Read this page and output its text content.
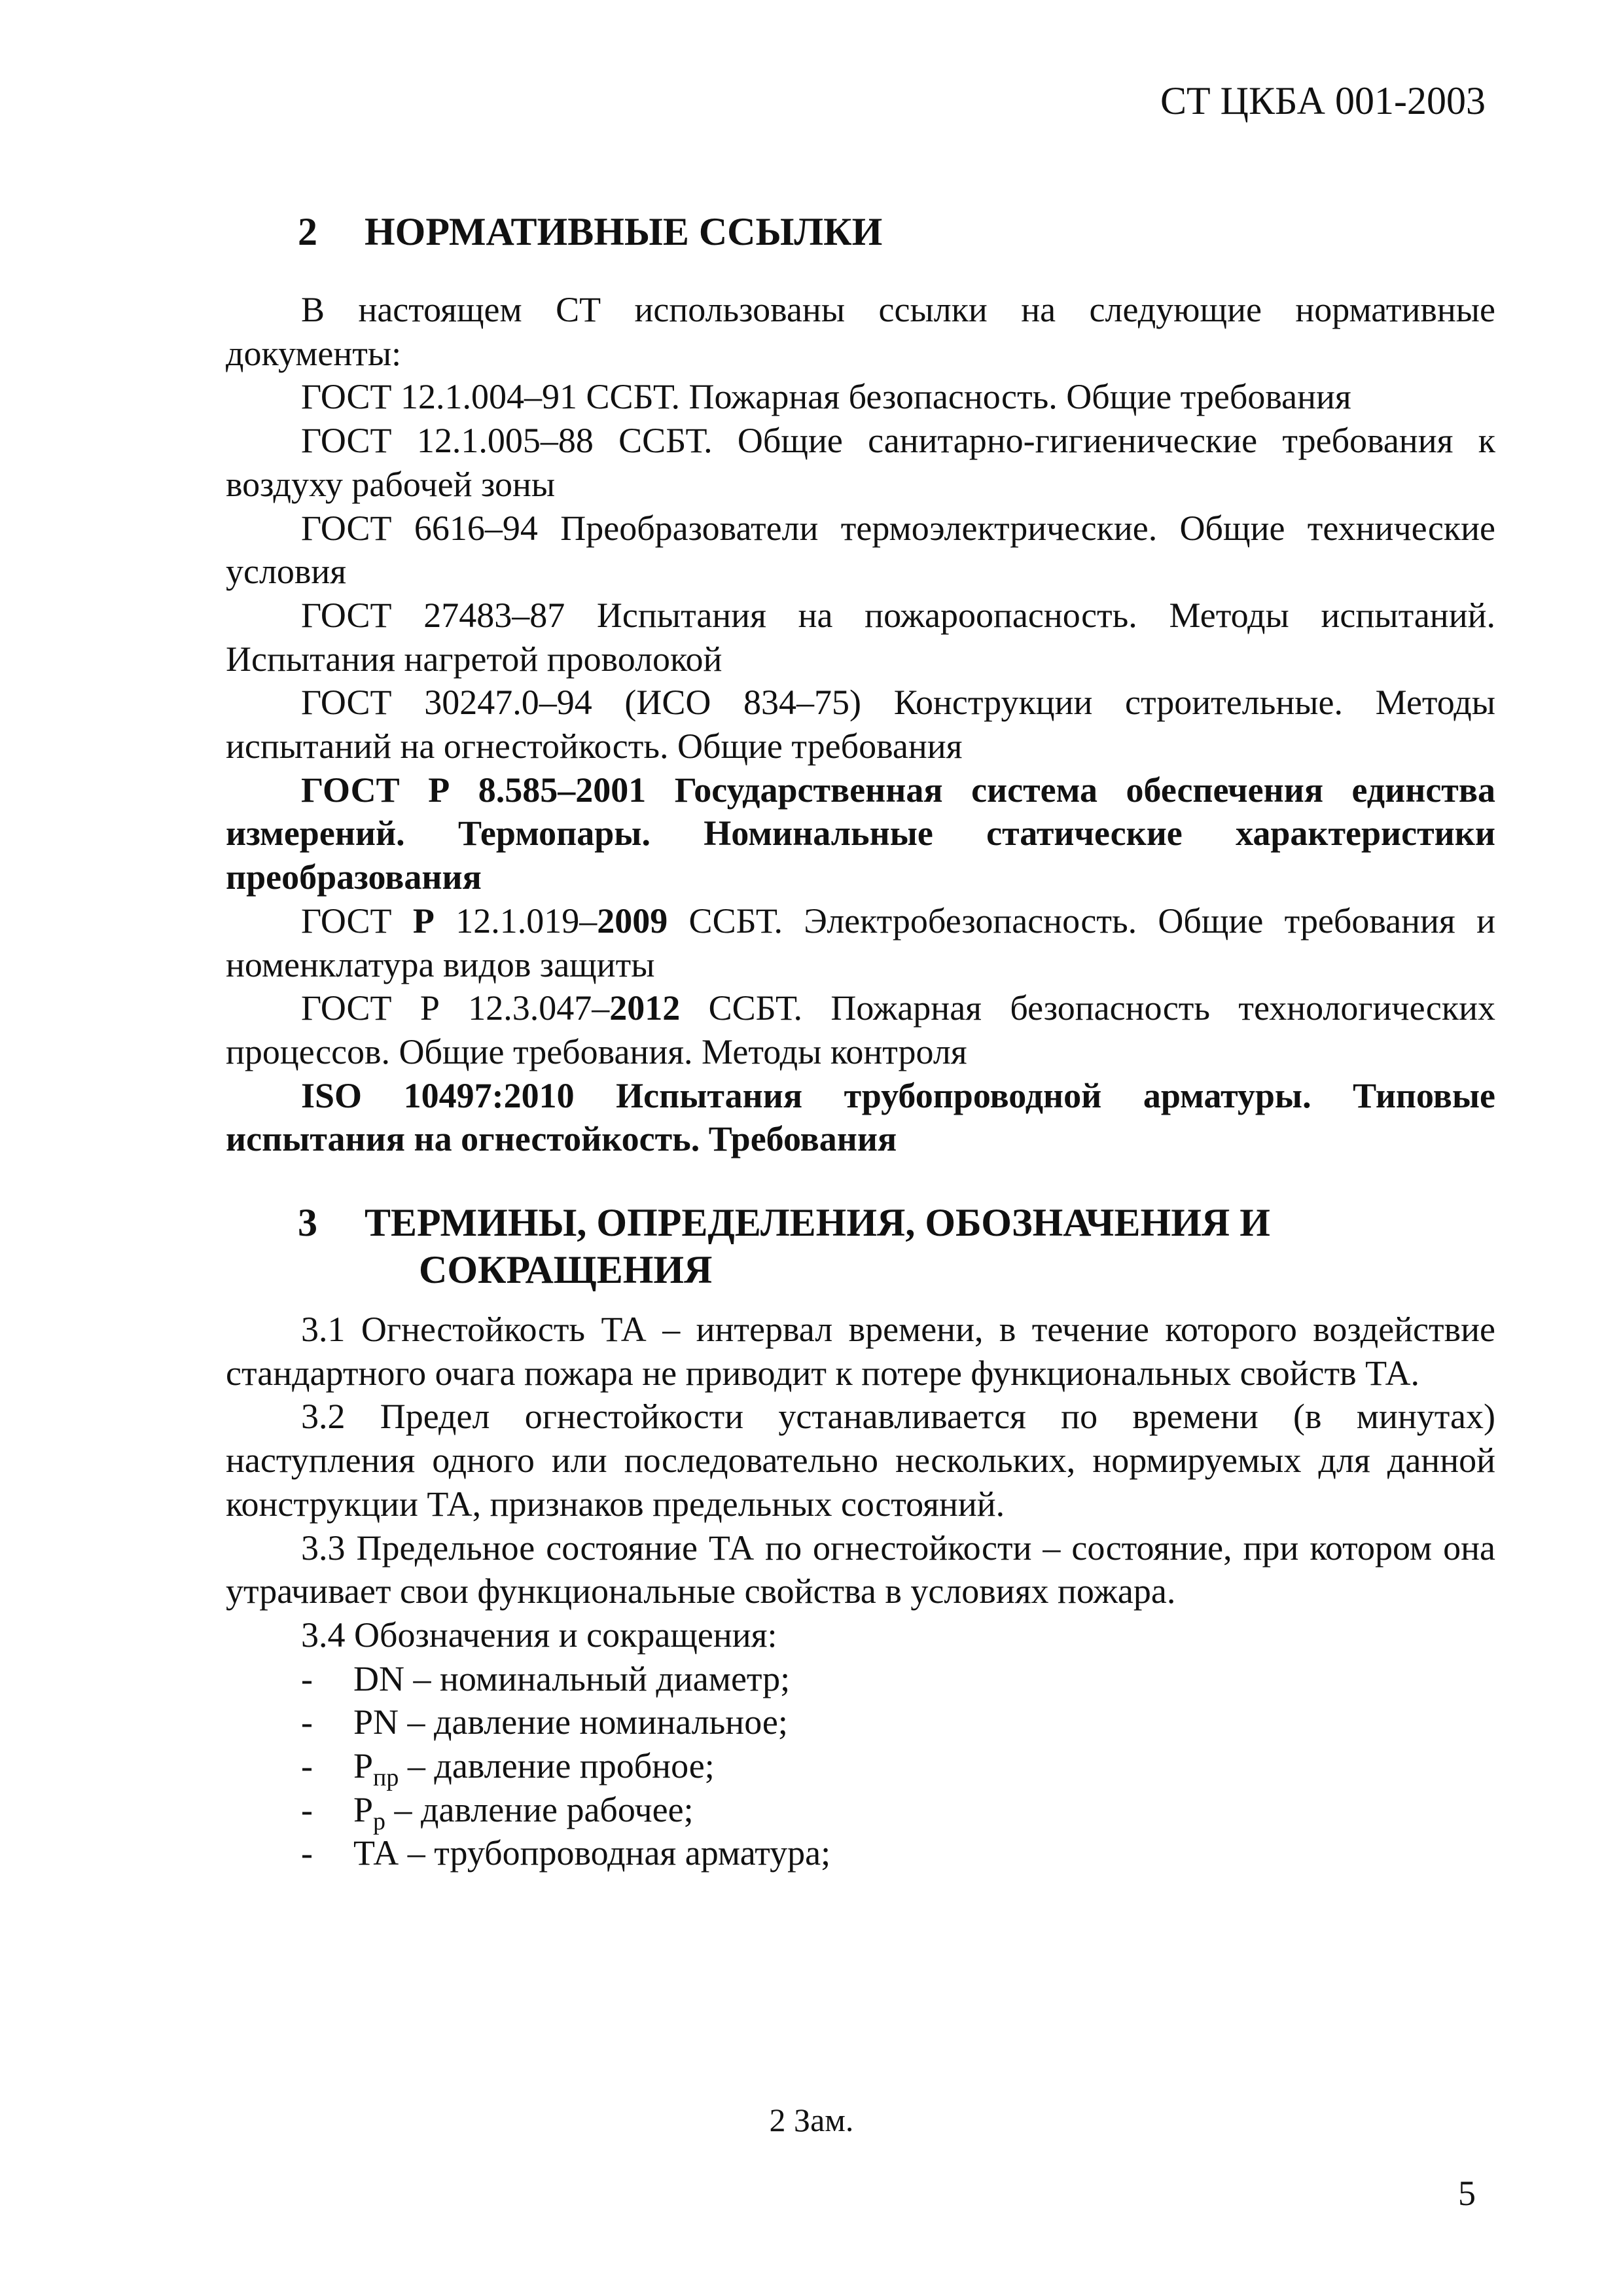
СТ ЦКБА 001-2003
2 НОРМАТИВНЫЕ ССЫЛКИ

В настоящем СТ использованы ссылки на следующие нормативные документы:

ГОСТ 12.1.004–91 ССБТ. Пожарная безопасность. Общие требования

ГОСТ 12.1.005–88 ССБТ. Общие санитарно-гигиенические требования к воздуху рабочей зоны

ГОСТ 6616–94 Преобразователи термоэлектрические. Общие технические условия

ГОСТ 27483–87 Испытания на пожароопасность. Методы испытаний. Испытания нагретой проволокой

ГОСТ 30247.0–94 (ИСО 834–75) Конструкции строительные. Методы испытаний на огнестойкость. Общие требования

ГОСТ Р 8.585–2001 Государственная система обеспечения единства измерений. Термопары. Номинальные статические характеристики преобразования

ГОСТ Р 12.1.019–2009 ССБТ. Электробезопасность. Общие требования и номенклатура видов защиты

ГОСТ Р 12.3.047–2012 ССБТ. Пожарная безопасность технологических процессов. Общие требования. Методы контроля

ISO 10497:2010 Испытания трубопроводной арматуры. Типовые испытания на огнестойкость. Требования

3 ТЕРМИНЫ, ОПРЕДЕЛЕНИЯ, ОБОЗНАЧЕНИЯ И
СОКРАЩЕНИЯ

3.1 Огнестойкость ТА – интервал времени, в течение которого воздействие стандартного очага пожара не приводит к потере функциональных свойств ТА.

3.2 Предел огнестойкости устанавливается по времени (в минутах) наступления одного или последовательно нескольких, нормируемых для данной конструкции ТА, признаков предельных состояний.

3.3 Предельное состояние ТА по огнестойкости – состояние, при котором она утрачивает свои функциональные свойства в условиях пожара.

3.4 Обозначения и сокращения:

- DN – номинальный диаметр;
- PN – давление номинальное;
- $P_{пр}$ – давление пробное;
- $P_р$ – давление рабочее;
- ТА – трубопроводная арматура;
2 Зам.
5
